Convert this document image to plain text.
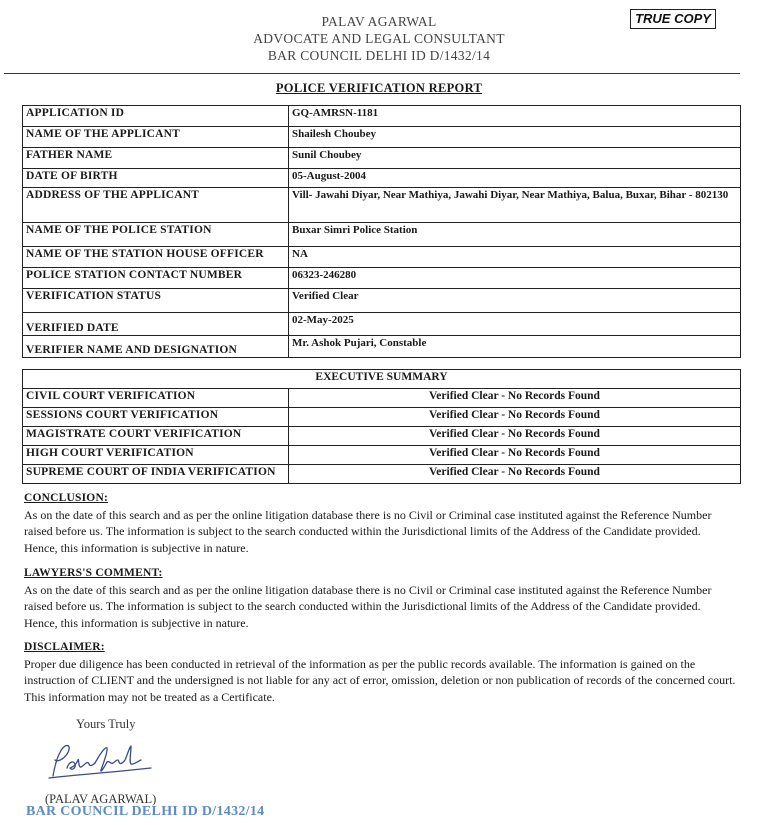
PALAV AGARWAL
ADVOCATE AND LEGAL CONSULTANT
BAR COUNCIL DELHI ID D/1432/14
TRUE COPY
POLICE VERIFICATION REPORT
APPLICATION ID	GQ-AMRSN-1181
NAME OF THE APPLICANT	Shailesh Choubey
FATHER NAME	Sunil Choubey
DATE OF BIRTH	05-August-2004
ADDRESS OF THE APPLICANT	Vill- Jawahi Diyar, Near Mathiya, Jawahi Diyar, Near Mathiya, Balua, Buxar, Bihar - 802130
NAME OF THE POLICE STATION	Buxar Simri Police Station
NAME OF THE STATION HOUSE OFFICER	NA
POLICE STATION CONTACT NUMBER	06323-246280
VERIFICATION STATUS	Verified Clear
VERIFIED DATE	02-May-2025
VERIFIER NAME AND DESIGNATION	Mr. Ashok Pujari, Constable
EXECUTIVE SUMMARY	
CIVIL COURT VERIFICATION	Verified Clear - No Records Found
SESSIONS COURT VERIFICATION	Verified Clear - No Records Found
MAGISTRATE COURT VERIFICATION	Verified Clear - No Records Found
HIGH COURT VERIFICATION	Verified Clear - No Records Found
SUPREME COURT OF INDIA VERIFICATION	Verified Clear - No Records Found
CONCLUSION:

As on the date of this search and as per the online litigation database there is no Civil or Criminal case instituted against the Reference Number raised before us. The information is subject to the search conducted within the Jurisdictional limits of the Address of the Candidate provided. Hence, this information is subjective in nature.

LAWYERS'S COMMENT:

As on the date of this search and as per the online litigation database there is no Civil or Criminal case instituted against the Reference Number raised before us. The information is subject to the search conducted within the Jurisdictional limits of the Address of the Candidate provided. Hence, this information is subjective in nature.

DISCLAIMER:

Proper due diligence has been conducted in retrieval of the information as per the public records available. The information is gained on the instruction of CLIENT and the undersigned is not liable for any act of error, omission, deletion or non publication of records of the concerned court. This information may not be treated as a Certificate.

Yours Truly
(PALAV AGARWAL)
BAR COUNCIL DELHI ID D/1432/14
